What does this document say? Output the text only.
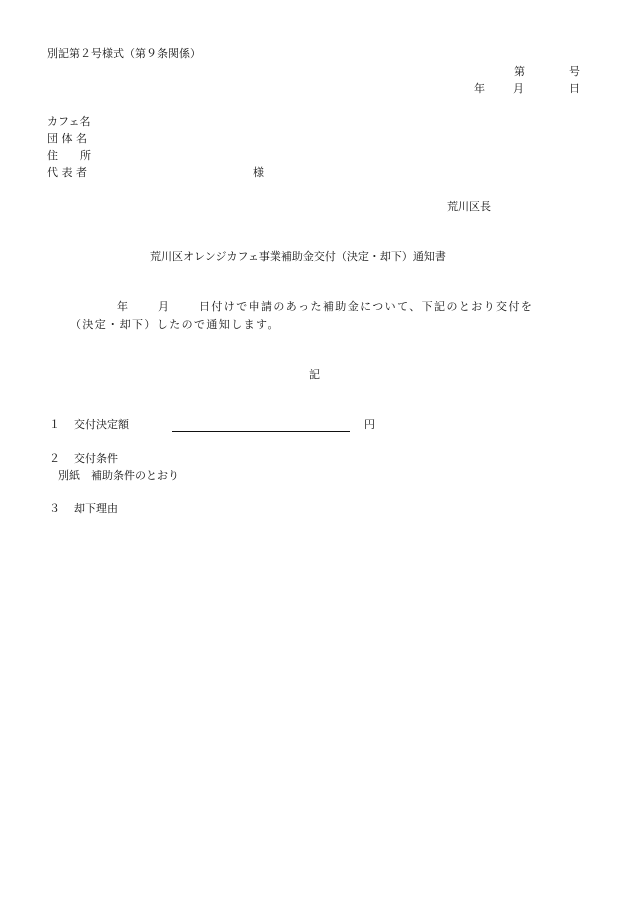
別記第２号様式（第９条関係）
第	号
年	月	日
カフェ名
団 体 名
住　　所
代 表 者	様
荒川区長
荒川区オレンジカフェ事業補助金交付（決定・却下）通知書
年	月	日付けで申請のあった補助金について、下記のとおり交付を
（決定・却下）したので通知します。
記
１ 交付決定額	円
２ 交付条件
別紙　補助条件のとおり
３ 却下理由
